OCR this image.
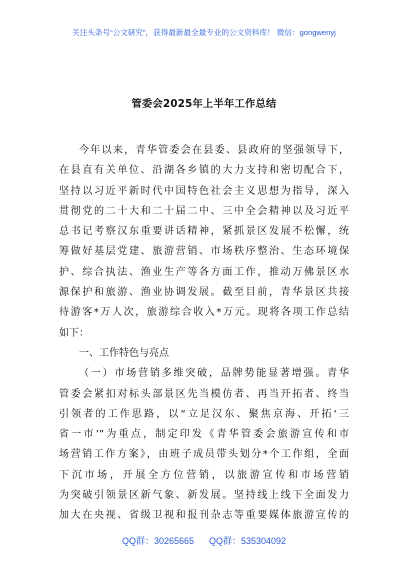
关注头条号“公文研究”，获得最新最全最专业的公文资料库！ 微信：gongwenyj
管委会2025年上半年工作总结
今年以来，青华管委会在县委、县政府的坚强领导下，
在县直有关单位、沿湖各乡镇的大力支持和密切配合下，
坚持以习近平新时代中国特色社会主义思想为指导，深入
贯彻党的二十大和二十届二中、三中全会精神以及习近平
总书记考察汉东重要讲话精神，紧抓景区发展不松懈，统
筹做好基层党建、旅游营销、市场秩序整治、生态环境保
护、综合执法、渔业生产等各方面工作，推动万佛景区水
源保护和旅游、渔业协调发展。截至目前，青华景区共接
待游客*万人次，旅游综合收入*万元。现将各项工作总结
如下：
一、工作特色与亮点
（一）市场营销多维突破，品牌势能显著增强。青华
管委会紧扣对标头部景区先当模仿者、再当开拓者、终当
引领者的工作思路，以“立足汉东、聚焦京海、开拓‘三
省一市’”为重点，制定印发《青华管委会旅游宣传和市
场营销工作方案》，由班子成员带头划分*个工作组，全面
下沉市场，开展全方位营销，以旅游宣传和市场营销
为突破引领景区新气象、新发展。坚持线上线下全面发力
加大在央视、省级卫视和报刊杂志等重要媒体旅游宣传的
QQ群：30265665      QQ群：535304092
